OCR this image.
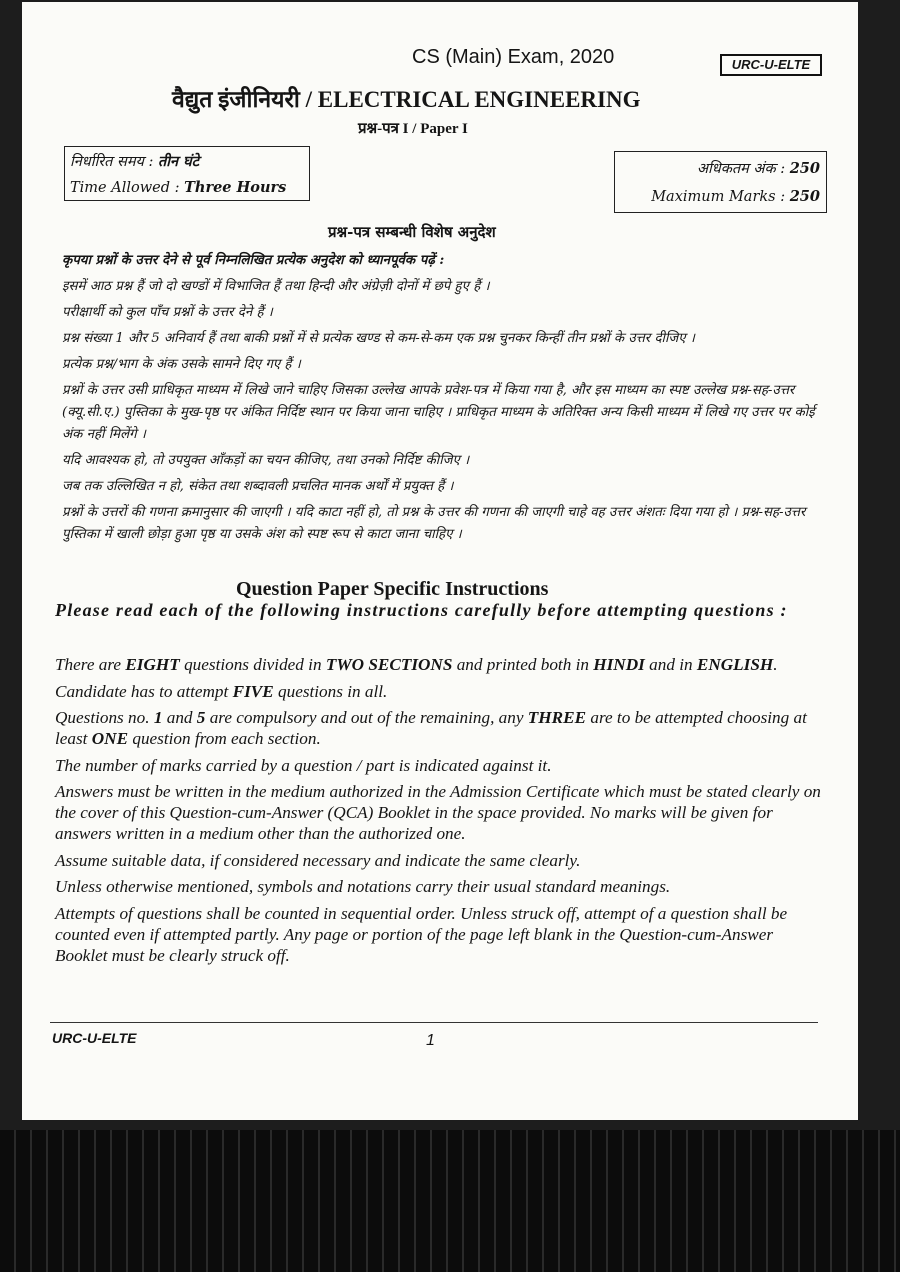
CS (Main) Exam, 2020	URC-U-ELTE
वैद्युत इंजीनियरी / ELECTRICAL ENGINEERING
प्रश्न-पत्र I / Paper I
निर्धारित समय : तीन घंटे
Time Allowed : Three Hours
अधिकतम अंक : 250
Maximum Marks : 250
प्रश्न-पत्र सम्बन्धी विशेष अनुदेश
कृपया प्रश्नों के उत्तर देने से पूर्व निम्नलिखित प्रत्येक अनुदेश को ध्यानपूर्वक पढ़ें :
इसमें आठ प्रश्न हैं जो दो खण्डों में विभाजित हैं तथा हिन्दी और अंग्रेज़ी दोनों में छपे हुए हैं ।
परीक्षार्थी को कुल पाँच प्रश्नों के उत्तर देने हैं ।
प्रश्न संख्या 1 और 5 अनिवार्य हैं तथा बाकी प्रश्नों में से प्रत्येक खण्ड से कम-से-कम एक प्रश्न चुनकर किन्हीं तीन प्रश्नों के उत्तर दीजिए ।
प्रत्येक प्रश्न/भाग के अंक उसके सामने दिए गए हैं ।
प्रश्नों के उत्तर उसी प्राधिकृत माध्यम में लिखे जाने चाहिए जिसका उल्लेख आपके प्रवेश-पत्र में किया गया है, और इस माध्यम का स्पष्ट उल्लेख प्रश्न-सह-उत्तर (क्यू.सी.ए.) पुस्तिका के मुख-पृष्ठ पर अंकित निर्दिष्ट स्थान पर किया जाना चाहिए । प्राधिकृत माध्यम के अतिरिक्त अन्य किसी माध्यम में लिखे गए उत्तर पर कोई अंक नहीं मिलेंगे ।
यदि आवश्यक हो, तो उपयुक्त आँकड़ों का चयन कीजिए, तथा उनको निर्दिष्ट कीजिए ।
जब तक उल्लिखित न हो, संकेत तथा शब्दावली प्रचलित मानक अर्थों में प्रयुक्त हैं ।
प्रश्नों के उत्तरों की गणना क्रमानुसार की जाएगी । यदि काटा नहीं हो, तो प्रश्न के उत्तर की गणना की जाएगी चाहे वह उत्तर अंशतः दिया गया हो । प्रश्न-सह-उत्तर पुस्तिका में खाली छोड़ा हुआ पृष्ठ या उसके अंश को स्पष्ट रूप से काटा जाना चाहिए ।
Question Paper Specific Instructions
Please read each of the following instructions carefully before attempting questions :
There are EIGHT questions divided in TWO SECTIONS and printed both in HINDI and in ENGLISH.
Candidate has to attempt FIVE questions in all.
Questions no. 1 and 5 are compulsory and out of the remaining, any THREE are to be attempted choosing at least ONE question from each section.
The number of marks carried by a question / part is indicated against it.
Answers must be written in the medium authorized in the Admission Certificate which must be stated clearly on the cover of this Question-cum-Answer (QCA) Booklet in the space provided. No marks will be given for answers written in a medium other than the authorized one.
Assume suitable data, if considered necessary and indicate the same clearly.
Unless otherwise mentioned, symbols and notations carry their usual standard meanings.
Attempts of questions shall be counted in sequential order. Unless struck off, attempt of a question shall be counted even if attempted partly. Any page or portion of the page left blank in the Question-cum-Answer Booklet must be clearly struck off.
URC-U-ELTE	1
